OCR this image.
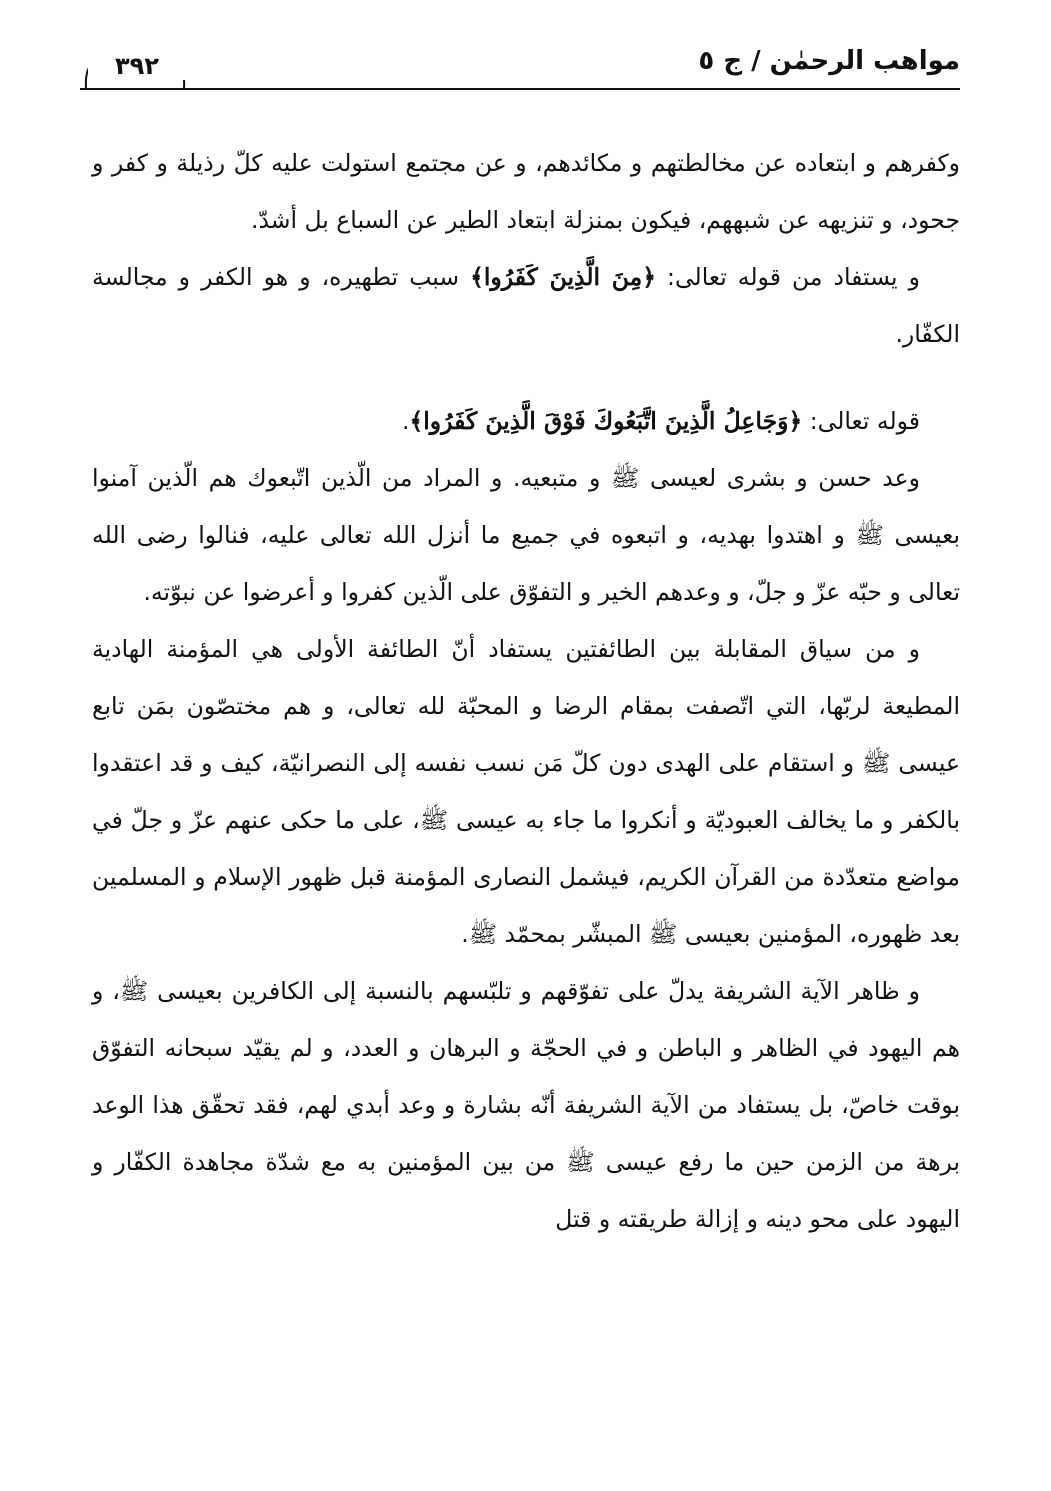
مواهب الرحمٰن / ج ٥
٣٩٢

وكفرهم و ابتعاده عن مخالطتهم و مكائدهم، و عن مجتمع استولت عليه كلّ رذيلة و كفر و جحود، و تنزيهه عن شبههم، فيكون بمنزلة ابتعاد الطير عن السباع بل أشدّ.

و يستفاد من قوله تعالى: ﴿مِنَ الَّذِينَ كَفَرُوا﴾ سبب تطهيره، و هو الكفر و مجالسة الكفّار.

قوله تعالى: ﴿وَجَاعِلُ الَّذِينَ اتَّبَعُوكَ فَوْقَ الَّذِينَ كَفَرُوا﴾.

وعد حسن و بشرى لعيسى ﷺ و متبعيه. و المراد من الّذين اتّبعوك هم الّذين آمنوا بعيسى ﷺ و اهتدوا بهديه، و اتبعوه في جميع ما أنزل الله تعالى عليه، فنالوا رضى الله تعالى و حبّه عزّ و جلّ، و وعدهم الخير و التفوّق على الّذين كفروا و أعرضوا عن نبوّته.

و من سياق المقابلة بين الطائفتين يستفاد أنّ الطائفة الأولى هي المؤمنة الهادية المطيعة لربّها، التي اتّصفت بمقام الرضا و المحبّة لله تعالى، و هم مختصّون بمَن تابع عيسى ﷺ و استقام على الهدى دون كلّ مَن نسب نفسه إلى النصرانيّة، كيف و قد اعتقدوا بالكفر و ما يخالف العبوديّة و أنكروا ما جاء به عيسى ﷺ، على ما حكى عنهم عزّ و جلّ في مواضع متعدّدة من القرآن الكريم، فيشمل النصارى المؤمنة قبل ظهور الإسلام و المسلمين بعد ظهوره، المؤمنين بعيسى ﷺ المبشّر بمحمّد ﷺ.

و ظاهر الآية الشريفة يدلّ على تفوّقهم و تلبّسهم بالنسبة إلى الكافرين بعيسى ﷺ، و هم اليهود في الظاهر و الباطن و في الحجّة و البرهان و العدد، و لم يقيّد سبحانه التفوّق بوقت خاصّ، بل يستفاد من الآية الشريفة أنّه بشارة و وعد أبدي لهم، فقد تحقّق هذا الوعد برهة من الزمن حين ما رفع عيسى ﷺ من بين المؤمنين به مع شدّة مجاهدة الكفّار و اليهود على محو دينه و إزالة طريقته و قتل
